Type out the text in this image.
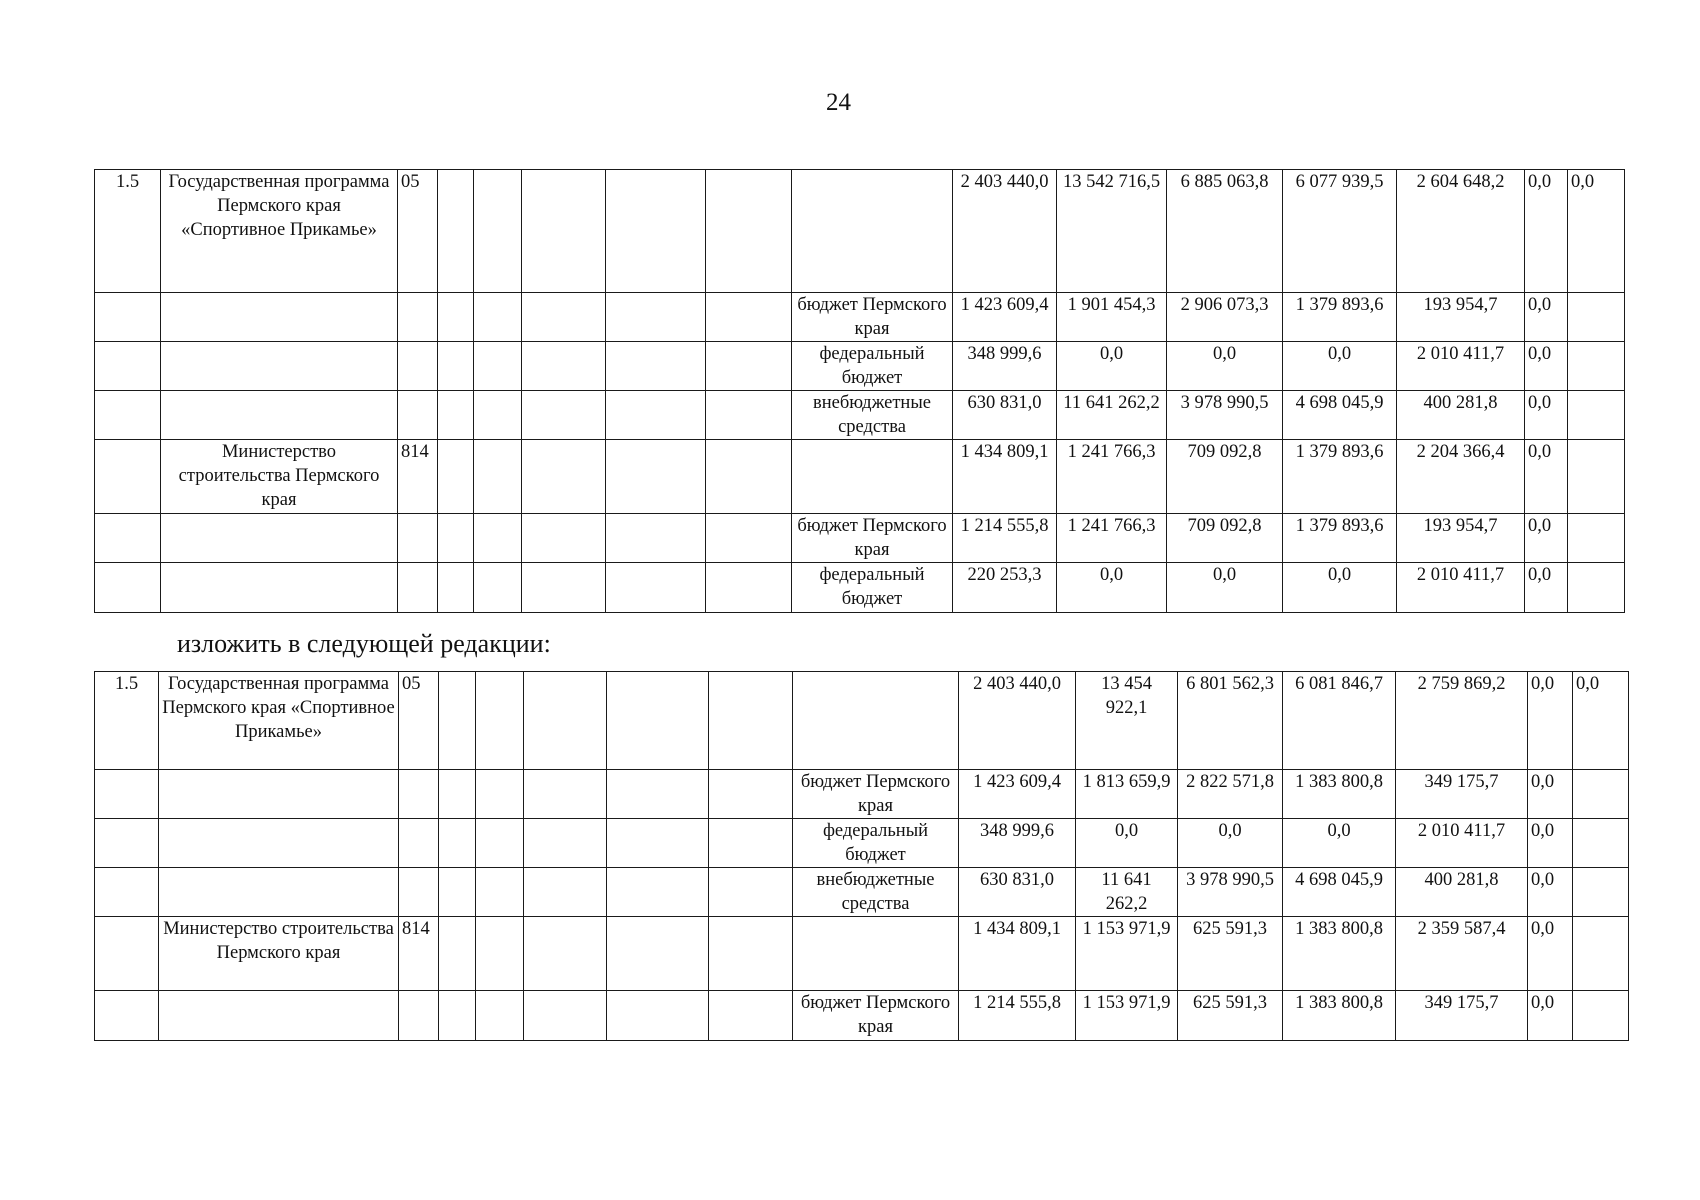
24
1.5	Государственная программа Пермского края «Спортивное Прикамье»	05							2 403 440,0	13 542 716,5	6 885 063,8	6 077 939,5	2 604 648,2	0,0	0,0
								бюджет Пермского края	1 423 609,4	1 901 454,3	2 906 073,3	1 379 893,6	193 954,7	0,0	
								федеральный бюджет	348 999,6	0,0	0,0	0,0	2 010 411,7	0,0	
								внебюджетные средства	630 831,0	11 641 262,2	3 978 990,5	4 698 045,9	400 281,8	0,0	
	Министерство строительства Пермского края	814							1 434 809,1	1 241 766,3	709 092,8	1 379 893,6	2 204 366,4	0,0	
								бюджет Пермского края	1 214 555,8	1 241 766,3	709 092,8	1 379 893,6	193 954,7	0,0	
								федеральный бюджет	220 253,3	0,0	0,0	0,0	2 010 411,7	0,0	

изложить в следующей редакции:

1.5	Государственная программа Пермского края «Спортивное Прикамье»	05							2 403 440,0	13 454 922,1	6 801 562,3	6 081 846,7	2 759 869,2	0,0	0,0
								бюджет Пермского края	1 423 609,4	1 813 659,9	2 822 571,8	1 383 800,8	349 175,7	0,0	
								федеральный бюджет	348 999,6	0,0	0,0	0,0	2 010 411,7	0,0	
								внебюджетные средства	630 831,0	11 641 262,2	3 978 990,5	4 698 045,9	400 281,8	0,0	
	Министерство строительства Пермского края	814							1 434 809,1	1 153 971,9	625 591,3	1 383 800,8	2 359 587,4	0,0	
								бюджет Пермского края	1 214 555,8	1 153 971,9	625 591,3	1 383 800,8	349 175,7	0,0	
